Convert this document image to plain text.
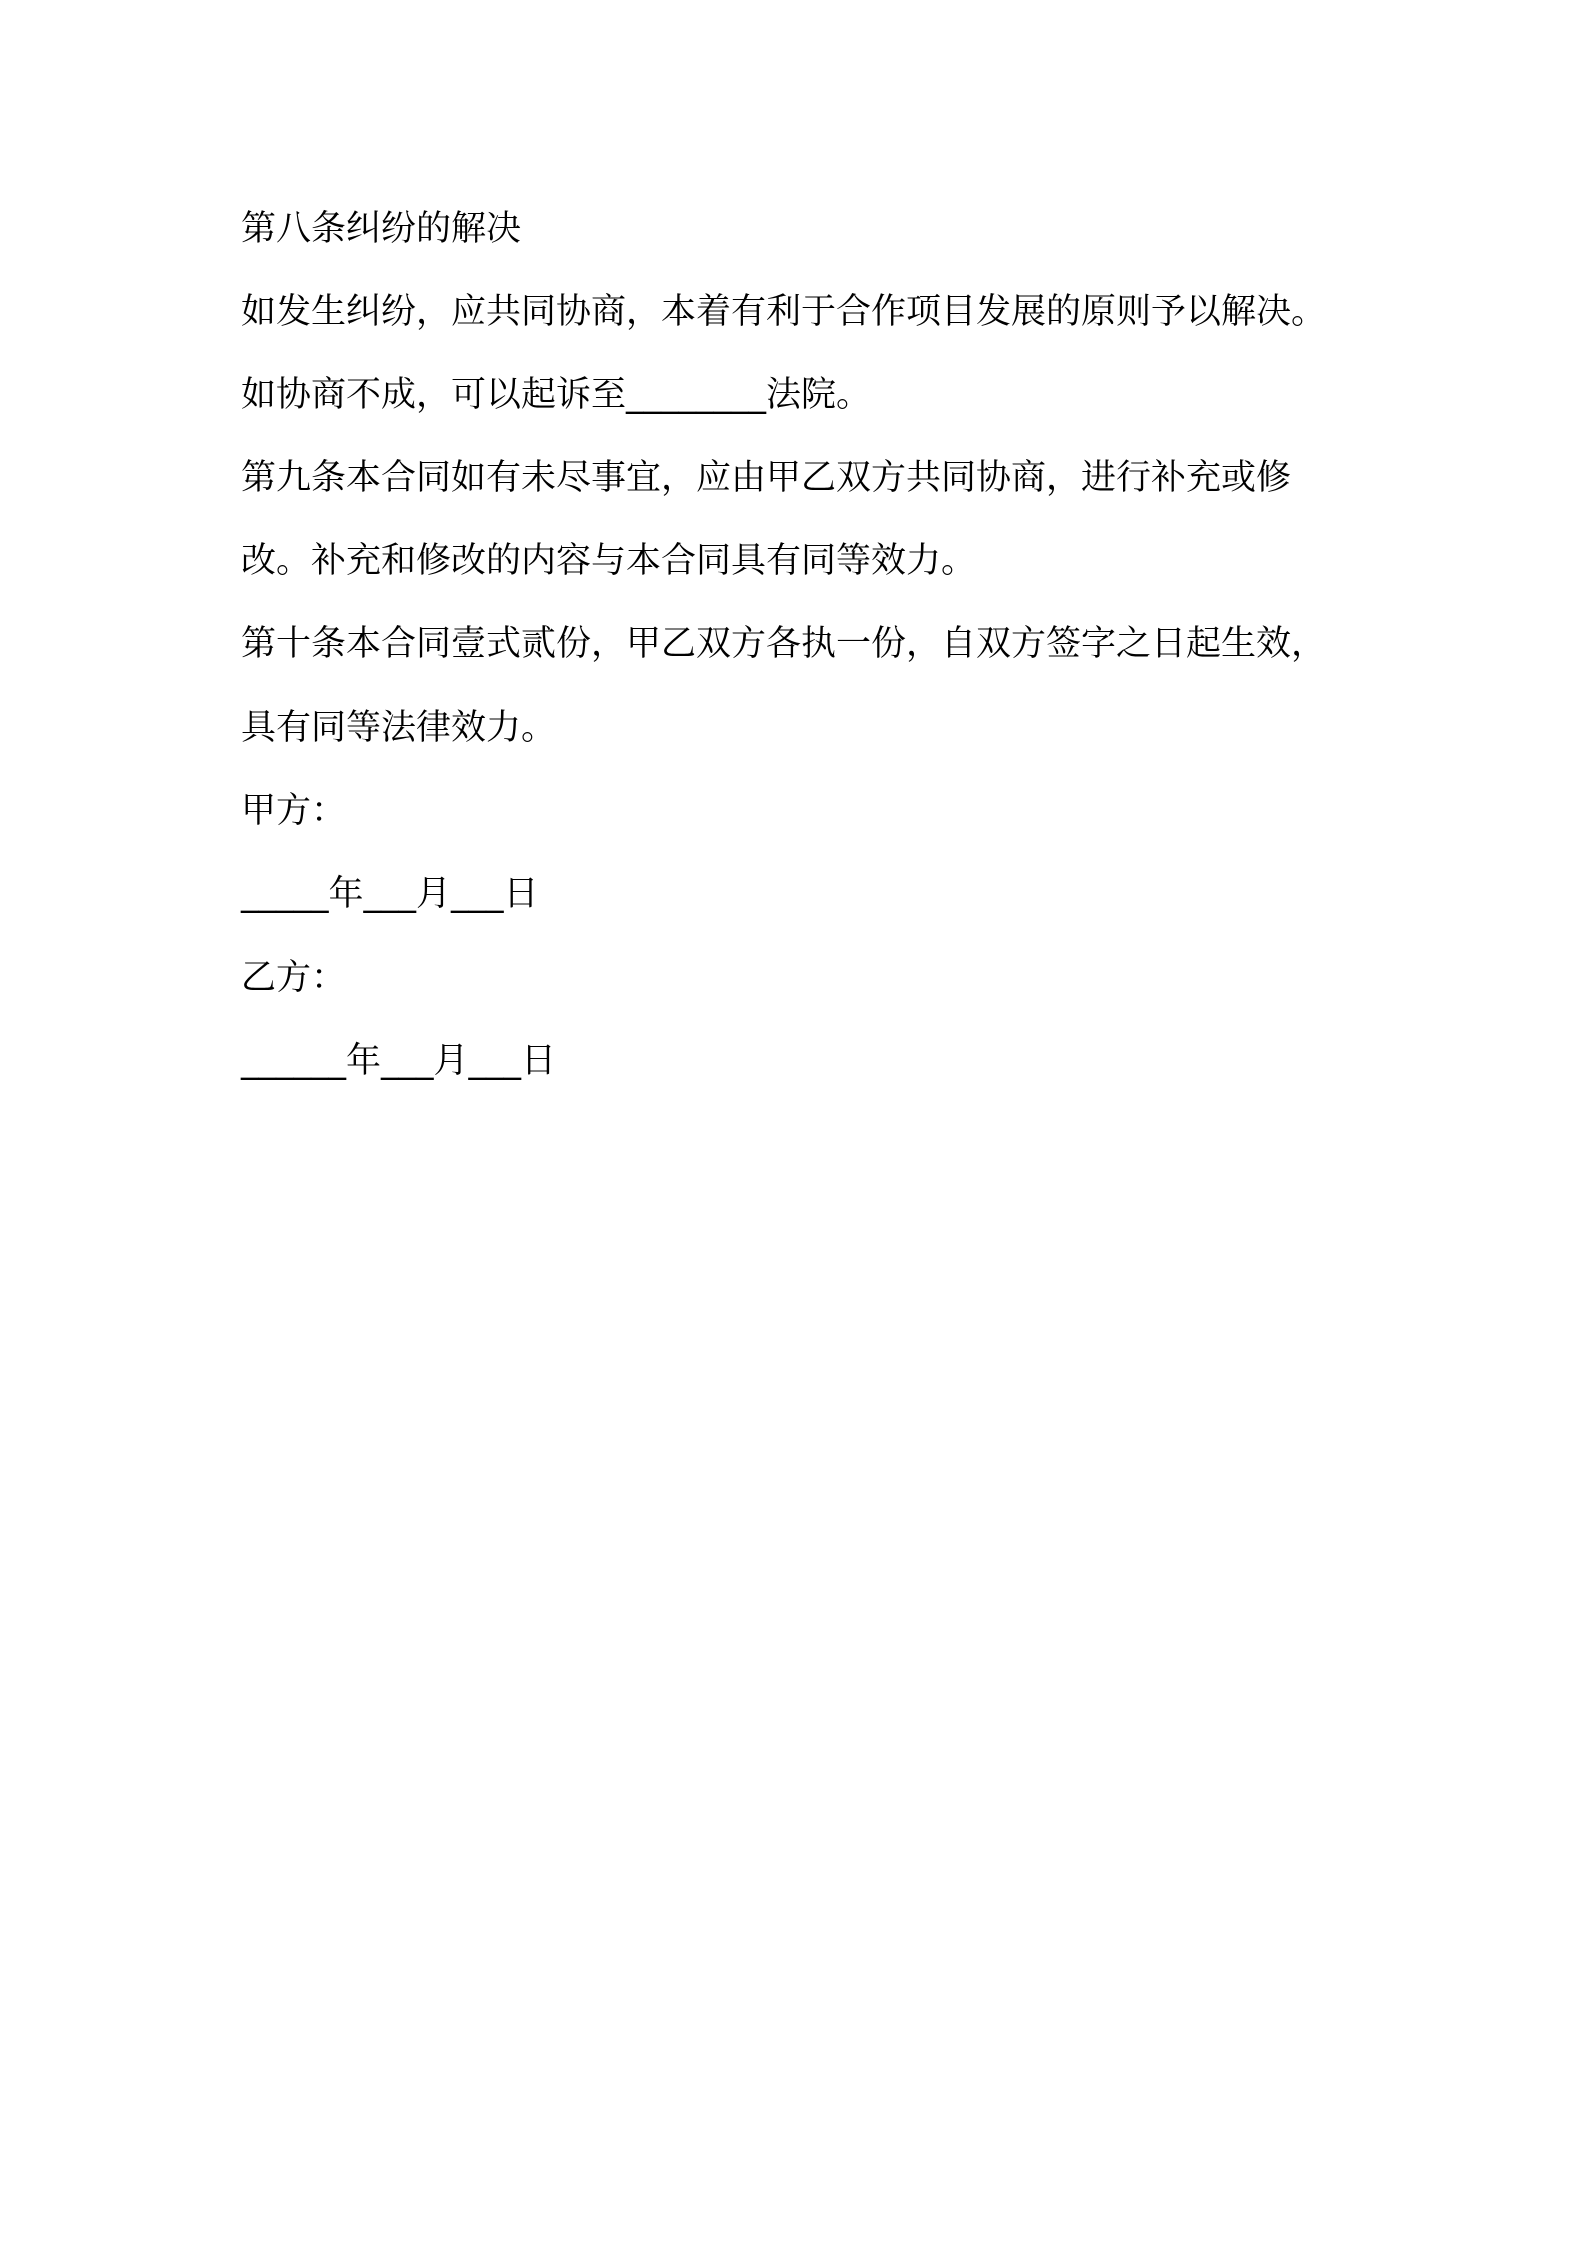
第八条纠纷的解决
如发生纠纷，应共同协商，本着有利于合作项目发展的原则予以解决。
如协商不成，可以起诉至________法院。
第九条本合同如有未尽事宜，应由甲乙双方共同协商，进行补充或修
改。补充和修改的内容与本合同具有同等效力。
第十条本合同壹式贰份，甲乙双方各执一份，自双方签字之日起生效，
具有同等法律效力。
甲方：
_____年___月___日
乙方：
______年___月___日
